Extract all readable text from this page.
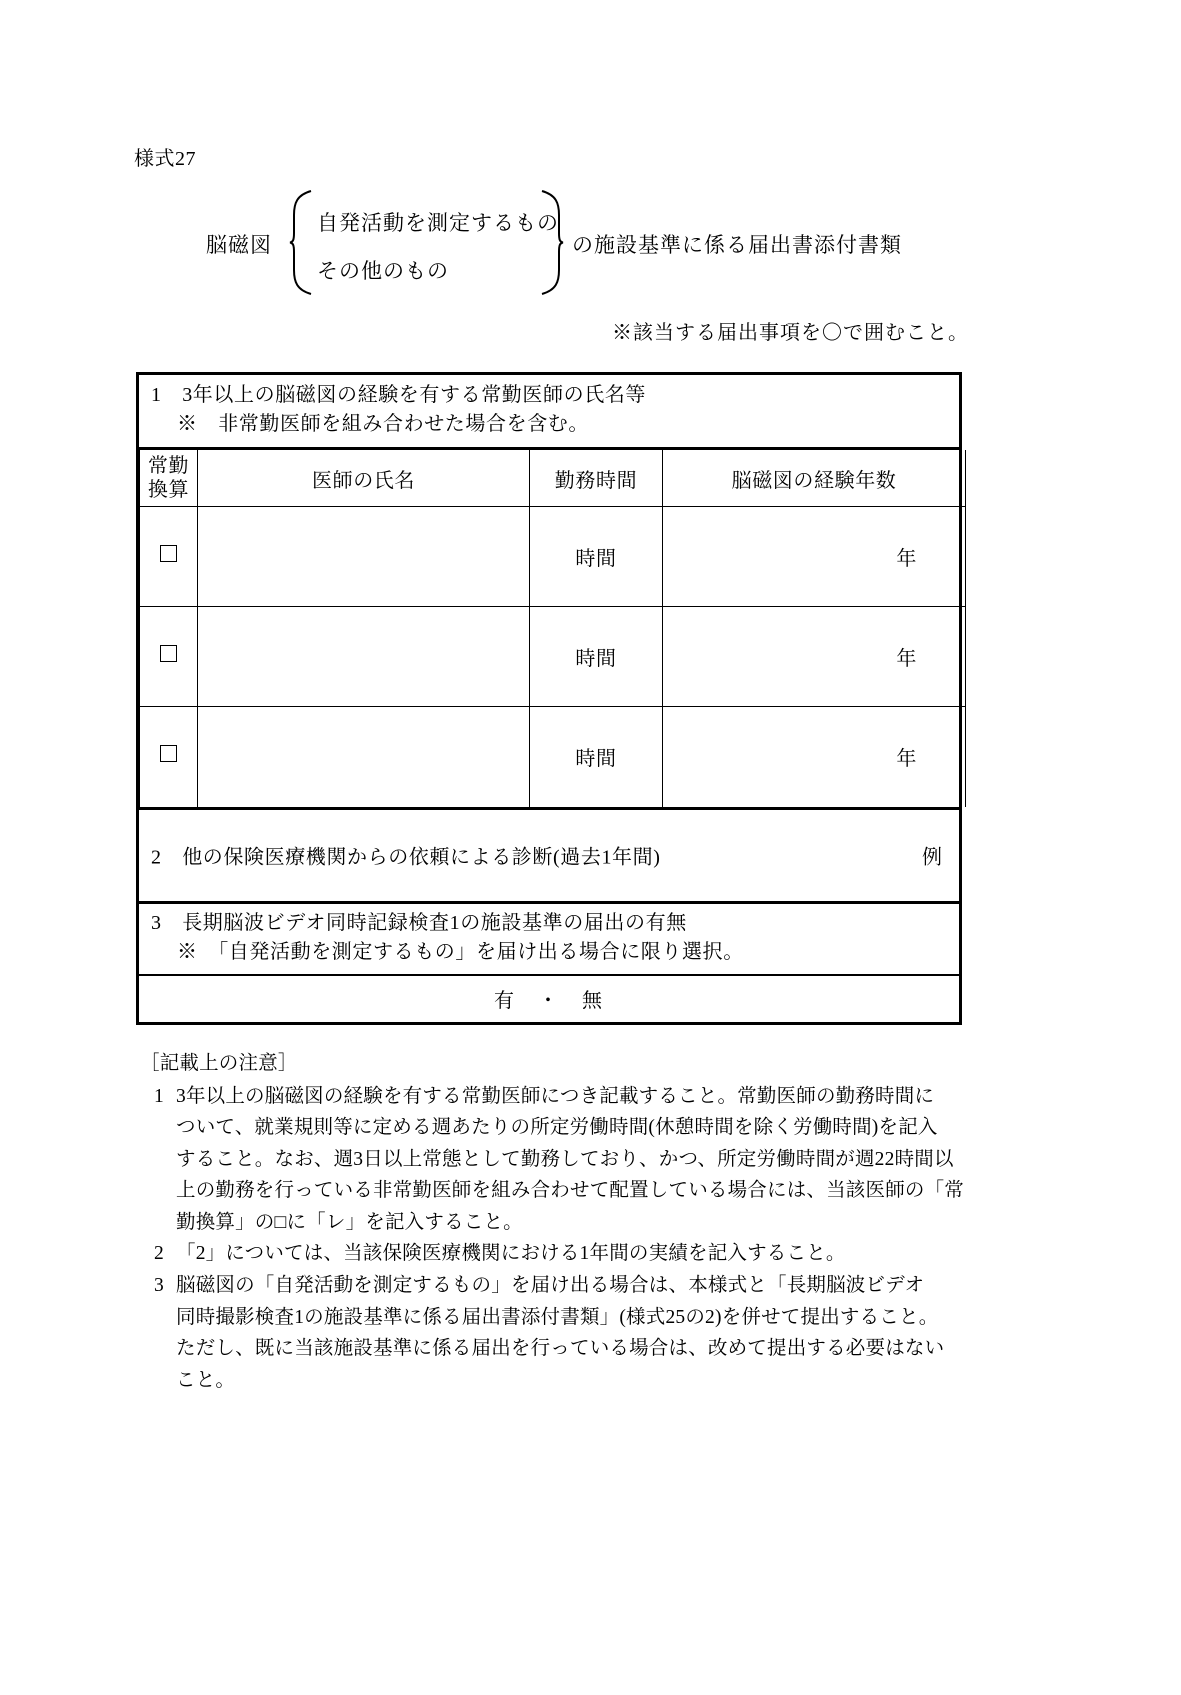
様式27
脳磁図
自発活動を測定するもの
その他のもの
の施設基準に係る届出書添付書類
※該当する届出事項を〇で囲むこと。
1　3年以上の脳磁図の経験を有する常勤医師の氏名等
※　非常勤医師を組み合わせた場合を含む。
常勤
換算	医師の氏名	勤務時間	脳磁図の経験年数
		時間	年
		時間	年
		時間	年
2　他の保険医療機関からの依頼による診断(過去1年間)	例
3　長期脳波ビデオ同時記録検査1の施設基準の届出の有無
※　「自発活動を測定するもの」を届け出る場合に限り選択。
有	・	無
［記載上の注意］
1 3年以上の脳磁図の経験を有する常勤医師につき記載すること。常勤医師の勤務時間に

ついて、就業規則等に定める週あたりの所定労働時間(休憩時間を除く労働時間)を記入

すること。なお、週3日以上常態として勤務しており、かつ、所定労働時間が週22時間以

上の勤務を行っている非常勤医師を組み合わせて配置している場合には、当該医師の「常

勤換算」の□に「レ」を記入すること。

2 「2」については、当該保険医療機関における1年間の実績を記入すること。

3 脳磁図の「自発活動を測定するもの」を届け出る場合は、本様式と「長期脳波ビデオ

同時撮影検査1の施設基準に係る届出書添付書類」(様式25の2)を併せて提出すること。

ただし、既に当該施設基準に係る届出を行っている場合は、改めて提出する必要はない

こと。
